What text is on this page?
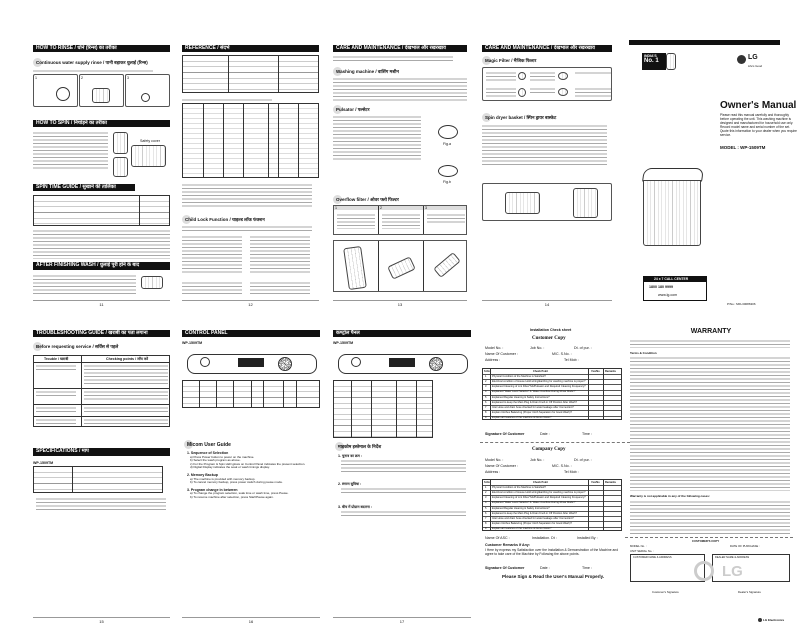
HOW TO RINSE / धोने (रिन्स) का तरीका
Continuous water supply rinse / पानी बहाकर धुलाई (रिन्स)
1	2	3
HOW TO SPIN / निचोड़ने का तरीका
Safety cover
SPIN TIME GUIDE / सुखाने की तालिका
AFTER FINISHING WASH / धुलाई पूरी होने के बाद
11
REFERENCE / संदर्भ
Child Lock Function / चाइल्ड लॉक फंक्शन
12
CARE AND MAINTENANCE / देखभाल और रखरखाव
Washing machine / वाशिंग मशीन
Pulsator / पल्सेटर
Fig.a
Fig.b
Overflow filter / ओवर फ्लो फिल्टर
1	2	3
13
CARE AND MAINTENANCE / देखभाल और रखरखाव
Magic Filter / मैजिक फिल्टर
Spin dryer basket / स्पिन ड्रायर बास्केट
14
INDIA'S
No. 1	LG
Life's Good
Owner's Manual
Please read this manual carefully and thoroughly before operating the unit. This washing machine is designed and manufactured for household use only. Record model name and serial number of the set. Quote this information to your dealer when you require service.
MODEL : WP-1509TM
24 x 7 CALL CENTER
1800 180 9999
www.lg.com
P/No.: MFL30086306
TROUBLESHOOTING GUIDE / खराबी का पता लगाना
Before requesting service / सर्विस से पहले
Trouble / खराबी	Checking points / जाँच करें
SPECIFICATIONS / माप
WP-1509TM
15
CONTROL PANEL
WP-1509TM
Micom User Guide
1. Sequence of Selection
a) Press Power button to power on the machine.
b) Select the wash program as above.
c) For the Program & Spin LED glows on Control Panel indicates the present selection.
d) Digital Display indicates the soak or wash timings display.
2. Memory Backup
a) The machine is provided with memory backup.
b) To cancel memory backup, press power switch during pause mode.
3. Program change in between
a) To change the program selection, soak time or wash time, press Pause.
b) To resume machine after selection, press Start/Pause again.
16
कण्ट्रोल पैनल
WP-1509TM
माइकोम इस्तेमाल के निर्देश
1. चुनाव का क्रम :
2. स्मरण सुविधा :
3. बीच में प्रोग्राम बदलना :
17
Installation Check sheet
Customer Copy
Model No. :	Job No. :	Dt. of pur. :
Name Of Customer :	M/C. S.No. :
Address :	Tel Mob :
S.No.	Check Point	Yes/No Remarks
1 Physical Condition of the Machine is Satisfied?
2 Electrical condition of House Hold wiring/Earthing for washing machine is proper?
3 Explained Cleaning of Lint Filter/Tub/Pulsator and Required Cleaning Frequency?
4 Explained 'Water Level Selector' & 'Water Overflow During Rinse Mode'?
5 Explained Regular cleaning & Safety Instructions?
6 Explained to keep the Main Plug & Drain Knob in Off Position After Wash?
7 Inlet Hose and drain hose checked for water leakage after Connection?
8 Explain Clothes Balancing (Proper Cloth Separation for Good Wash)?
9 Explain all Features of the machine & Demo Given?
Signature Of Customer	Date :	Time :
Company Copy
Model No. :	Job No. :	Dt. of pur. :
Name Of Customer :	M/C. S.No. :
Address :	Tel Mob :
S.No.	Check Point	Yes/No Remarks
1 Physical Condition of the Machine is Satisfied?
2 Electrical condition of House Hold wiring/Earthing for washing machine is proper?
3 Explained Cleaning of Lint Filter/Tub/Pulsator and Required Cleaning Frequency?
4 Explained 'Water Level Selector' & 'Water Overflow During Rinse Mode'?
5 Explained Regular cleaning & Safety Instructions?
6 Explained to keep the Main Plug & Drain Knob in Off Position After Wash?
7 Inlet Hose and drain hose checked for water leakage after Connection?
8 Explain Clothes Balancing (Proper Cloth Separation for Good Wash)?
9 Explain all Features of the machine & Demo Given?
Name Of ASC :	Installation. Dt :	Installed By :
Customer Remarks If Any:
I Here by express my Satisfaction over the Installation & Demonstration of the Machine and agree to take care of the Machine by Following the above points.
Signature Of Customer	Date :	Time :
Please Sign & Read the User's Manual Properly.
WARRANTY
Terms & Condition
Warranty is not applicable in any of the following cases:
CUSTOMER'S COPY
MODEL No. :	DATE OF PURCHASE :
UNIT SERIAL No. :
CUSTOMER NAME & ADDRESS	DEALER NAME & ADDRESS
LG
Customer's Signature	Dealer's Signature
LG Electronics
